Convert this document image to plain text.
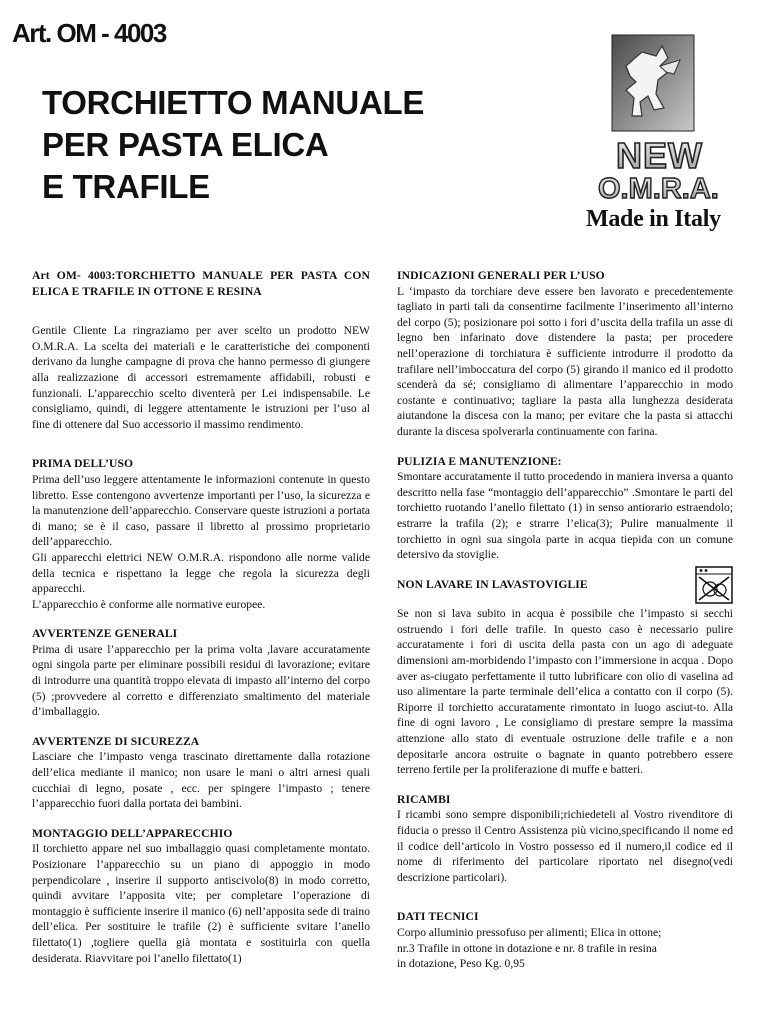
Art. OM - 4003
TORCHIETTO MANUALE
PER PASTA ELICA
E TRAFILE
NEW
O.M.R.A.
Made in Italy

Art OM- 4003:TORCHIETTO MANUALE PER PASTA CON ELICA E TRAFILE IN OTTONE E RESINA

Gentile Cliente La ringraziamo per aver scelto un prodotto NEW O.M.R.A. La scelta dei materiali e le caratteristiche dei componenti derivano da lunghe campagne di prova che hanno permesso di giungere alla realizzazione di accessori estremamente affidabili, robusti e funzionali. L’apparecchio scelto diventerà per Lei indispensabile. Le consigliamo, quindi, di leggere attentamente le istruzioni per l’uso al fine di ottenere dal Suo accessorio il massimo rendimento.

PRIMA DELL’USO

Prima dell’uso leggere attentamente le informazioni contenute in questo libretto. Esse contengono avvertenze importanti per l’uso, la sicurezza e la manutenzione dell’apparecchio. Conservare queste istruzioni a portata di mano; se è il caso, passare il libretto al prossimo proprietario dell’apparecchio.

Gli apparecchi elettrici NEW O.M.R.A. rispondono alle norme valide della tecnica e rispettano la legge che regola la sicurezza degli apparecchi.

L’apparecchio è conforme alle normative europee.

AVVERTENZE GENERALI

Prima di usare l’apparecchio per la prima volta ,lavare accuratamente ogni singola parte per eliminare possibili residui di lavorazione; evitare di introdurre una quantità troppo elevata di impasto all’interno del corpo (5) ;provvedere al corretto e differenziato smaltimento del materiale d’imballaggio.

AVVERTENZE DI SICUREZZA

Lasciare che l’impasto venga trascinato direttamente dalla rotazione dell’elica mediante il manico; non usare le mani o altri arnesi quali cucchiai di legno, posate , ecc. per spingere l’impasto ; tenere l’apparecchio fuori dalla portata dei bambini.

MONTAGGIO DELL’APPARECCHIO

Il torchietto appare nel suo imballaggio quasi completamente montato. Posizionare l’apparecchio su un piano di appoggio in modo perpendicolare , inserire il supporto antiscivolo(8) in modo corretto, quindi avvitare l’apposita vite; per completare l’operazione di montaggio è sufficiente inserire il manico (6) nell’apposita sede di traino dell’elica. Per sostituire le trafile (2) è sufficiente svitare l’anello filettato(1) ,togliere quella già montata e sostituirla con quella desiderata. Riavvitare poi l’anello filettato(1)

INDICAZIONI GENERALI PER L’USO

L ‘impasto da torchiare deve essere ben lavorato e precedentemente tagliato in parti tali da consentirne facilmente l’inserimento all’interno del corpo (5); posizionare poi sotto i fori d’uscita della trafila un asse di legno ben infarinato dove distendere la pasta; per procedere nell’operazione di torchiatura è sufficiente introdurre il prodotto da trafilare nell’imboccatura del corpo (5) girando il manico ed il prodotto scenderà da sé; consigliamo di alimentare l’apparecchio in modo costante e continuativo; tagliare la pasta alla lunghezza desiderata aiutandone la discesa con la mano; per evitare che la pasta si attacchi durante la discesa spolverarla continuamente con farina.

PULIZIA E MANUTENZIONE:

Smontare accuratamente il tutto procedendo in maniera inversa a quanto descritto nella fase “montaggio dell’apparecchio” .Smontare le parti del torchietto ruotando l’anello filettato (1) in senso antiorario estraendolo; estrarre la trafila (2); e strarre l’elica(3); Pulire manualmente il torchietto in ogni sua singola parte in acqua tiepida con un comune detersivo da stoviglie.

NON LAVARE IN LAVASTOVIGLIE

Se non si lava subito in acqua è possibile che l’impasto si secchi ostruendo i fori delle trafile. In questo caso è necessario pulire accuratamente i fori di uscita della pasta con un ago di adeguate dimensioni am-morbidendo l’impasto con l’immersione in acqua . Dopo aver as-ciugato perfettamente il tutto lubrificare con olio di vaselina ad uso alimentare la parte terminale dell’elica a contatto con il corpo (5). Riporre il torchietto accuratamente rimontato in luogo asciut-to. Alla fine di ogni lavoro , Le consigliamo di prestare sempre la massima attenzione allo stato di eventuale ostruzione delle trafile e a non depositarle ancora ostruite o bagnate in quanto potrebbero essere terreno fertile per la proliferazione di muffe e batteri.

RICAMBI

I ricambi sono sempre disponibili;richiedeteli al Vostro rivenditore di fiducia o presso il Centro Assistenza più vicino,specificando il nome ed il codice dell’articolo in Vostro possesso ed il numero,il codice ed il nome di riferimento del particolare riportato nel disegno(vedi descrizione particolari).

DATI TECNICI

Corpo alluminio pressofuso per alimenti; Elica in ottone;

nr.3 Trafile in ottone in dotazione e nr. 8 trafile in resina

in dotazione, Peso Kg. 0,95
